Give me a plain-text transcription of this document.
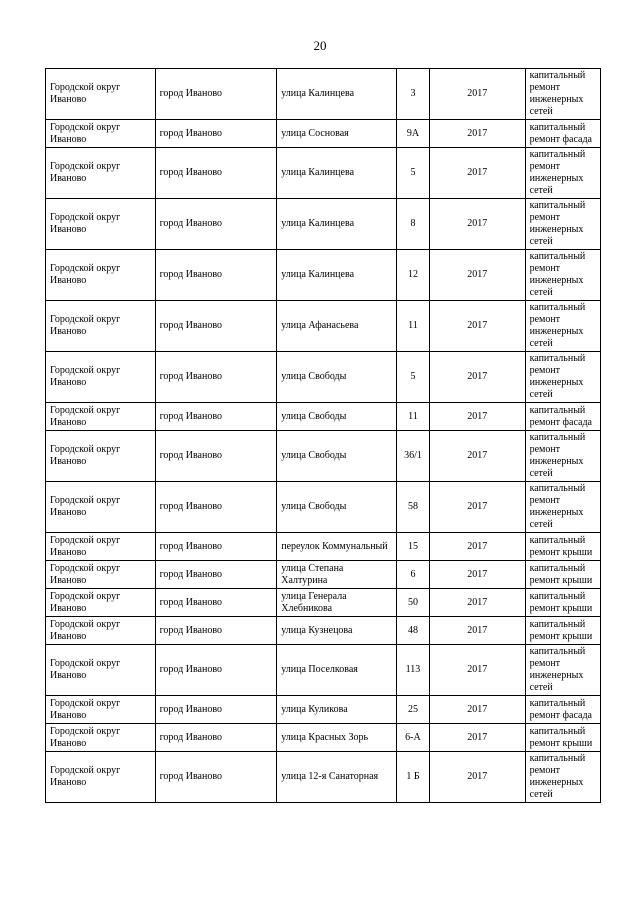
20
Городской округ Иваново	город Иваново	улица Калинцева	3	2017	капитальный ремонт инженерных сетей
Городской округ Иваново	город Иваново	улица Сосновая	9А	2017	капитальный ремонт фасада
Городской округ Иваново	город Иваново	улица Калинцева	5	2017	капитальный ремонт инженерных сетей
Городской округ Иваново	город Иваново	улица Калинцева	8	2017	капитальный ремонт инженерных сетей
Городской округ Иваново	город Иваново	улица Калинцева	12	2017	капитальный ремонт инженерных сетей
Городской округ Иваново	город Иваново	улица Афанасьева	11	2017	капитальный ремонт инженерных сетей
Городской округ Иваново	город Иваново	улица Свободы	5	2017	капитальный ремонт инженерных сетей
Городской округ Иваново	город Иваново	улица Свободы	11	2017	капитальный ремонт фасада
Городской округ Иваново	город Иваново	улица Свободы	36/1	2017	капитальный ремонт инженерных сетей
Городской округ Иваново	город Иваново	улица Свободы	58	2017	капитальный ремонт инженерных сетей
Городской округ Иваново	город Иваново	переулок Коммунальный	15	2017	капитальный ремонт крыши
Городской округ Иваново	город Иваново	улица Степана Халтурина	6	2017	капитальный ремонт крыши
Городской округ Иваново	город Иваново	улица Генерала Хлебникова	50	2017	капитальный ремонт крыши
Городской округ Иваново	город Иваново	улица Кузнецова	48	2017	капитальный ремонт крыши
Городской округ Иваново	город Иваново	улица Поселковая	113	2017	капитальный ремонт инженерных сетей
Городской округ Иваново	город Иваново	улица Куликова	25	2017	капитальный ремонт фасада
Городской округ Иваново	город Иваново	улица Красных Зорь	6-А	2017	капитальный ремонт крыши
Городской округ Иваново	город Иваново	улица 12-я Санаторная	1 Б	2017	капитальный ремонт инженерных сетей
